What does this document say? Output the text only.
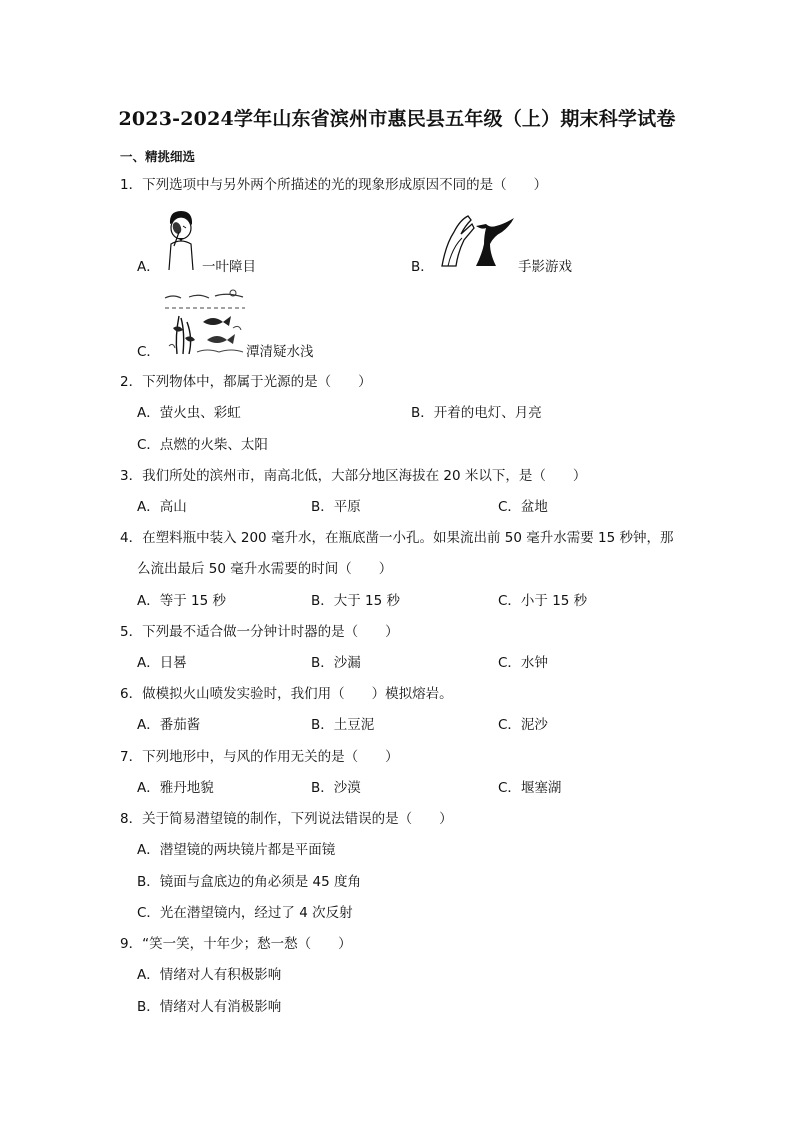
2023-2024学年山东省滨州市惠民县五年级（上）期末科学试卷
一、精挑细选
1．下列选项中与另外两个所描述的光的现象形成原因不同的是（　　）
A．	一叶障目	B．	手影游戏
C．	潭清疑水浅
2．下列物体中，都属于光源的是（　　）
A．萤火虫、彩虹	B．开着的电灯、月亮
C．点燃的火柴、太阳
3．我们所处的滨州市，南高北低，大部分地区海拔在 20 米以下，是（　　）
A．高山	B．平原	C．盆地
4．在塑料瓶中装入 200 毫升水，在瓶底凿一小孔。如果流出前 50 毫升水需要 15 秒钟，那
么流出最后 50 毫升水需要的时间（　　）
A．等于 15 秒	B．大于 15 秒	C．小于 15 秒
5．下列最不适合做一分钟计时器的是（　　）
A．日晷	B．沙漏	C．水钟
6．做模拟火山喷发实验时，我们用（　　）模拟熔岩。
A．番茄酱	B．土豆泥	C．泥沙
7．下列地形中，与风的作用无关的是（　　）
A．雅丹地貌	B．沙漠	C．堰塞湖
8．关于简易潜望镜的制作，下列说法错误的是（　　）
A．潜望镜的两块镜片都是平面镜
B．镜面与盒底边的角必须是 45 度角
C．光在潜望镜内，经过了 4 次反射
9．“笑一笑，十年少；愁一愁（　　）
A．情绪对人有积极影响
B．情绪对人有消极影响
